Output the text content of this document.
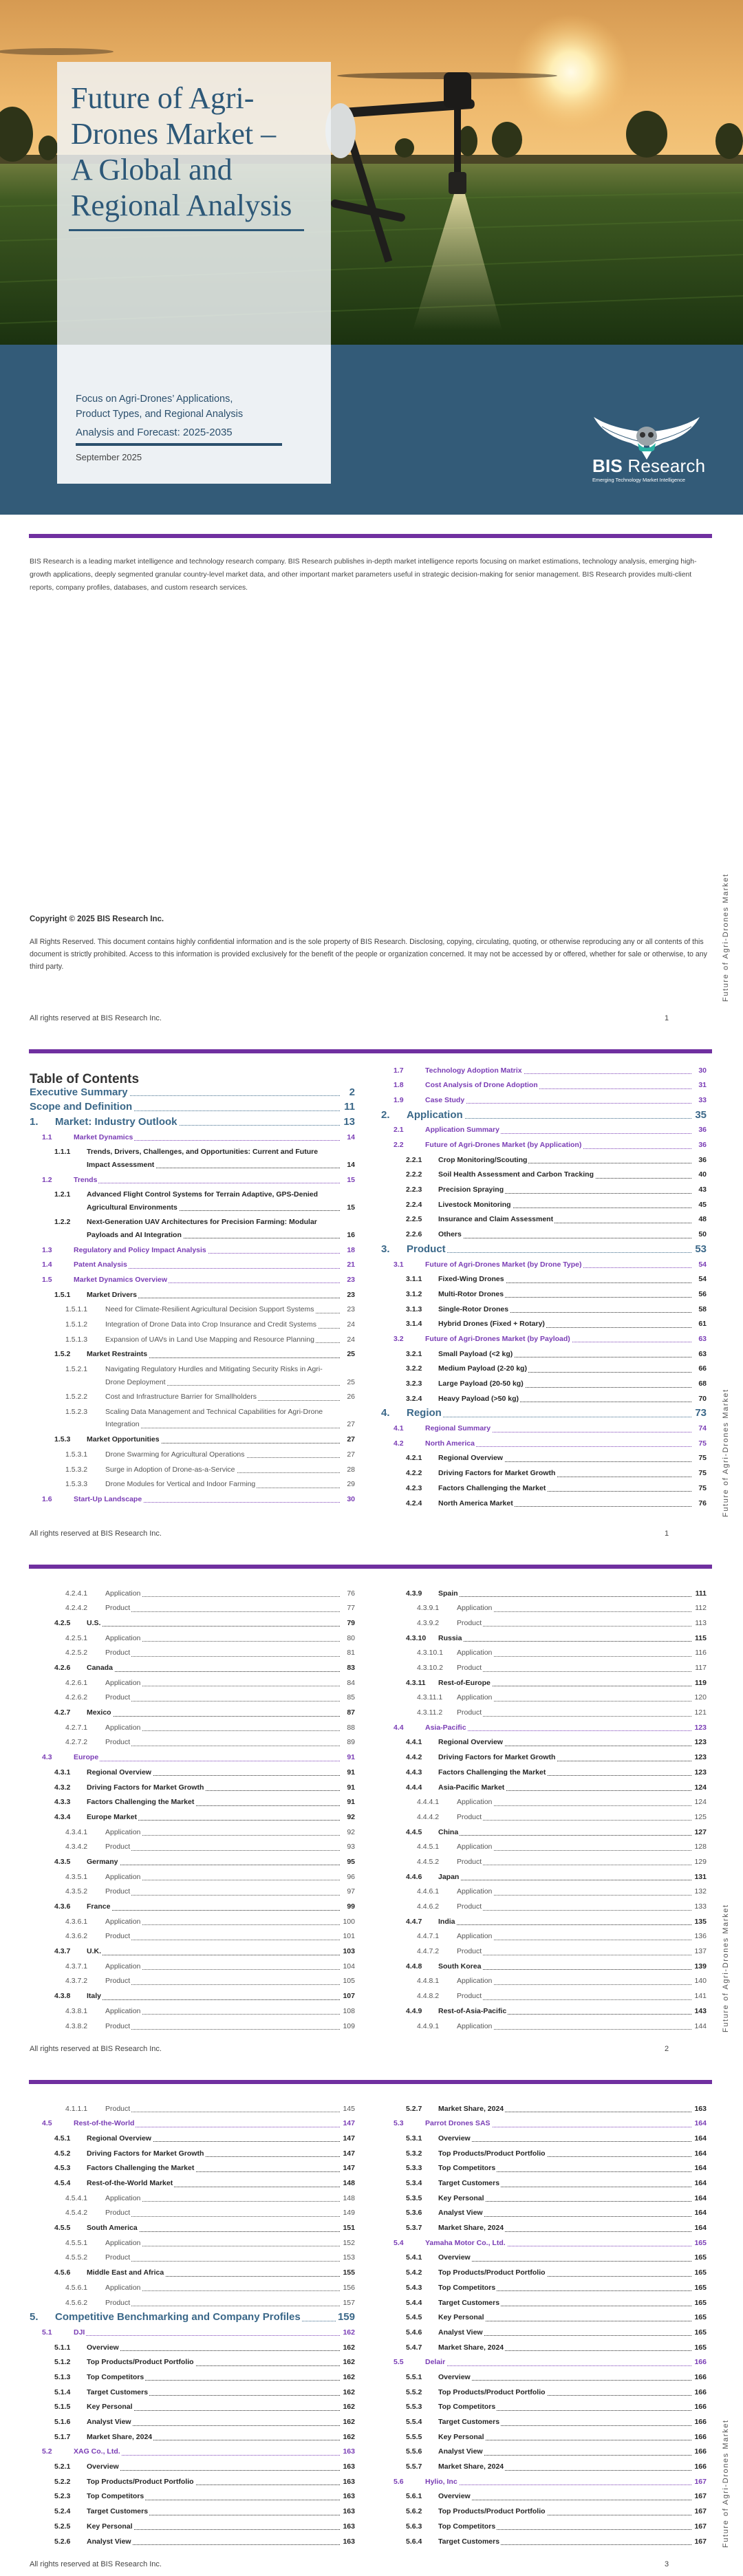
Future of Agri-
Drones Market –
A Global and
Regional Analysis
Focus on Agri-Drones’ Applications,
Product Types, and Regional Analysis
Analysis and Forecast: 2025-2035
September 2025	BIS Research
Emerging Technology Market Intelligence
BIS Research is a leading market intelligence and technology research company. BIS Research publishes in-depth market intelligence reports focusing on market estimations, technology analysis, emerging high-growth applications, deeply segmented granular country-level market data, and other important market parameters useful in strategic decision-making for senior management. BIS Research provides multi-client reports, company profiles, databases, and custom research services.
Copyright © 2025 BIS Research Inc.
All Rights Reserved. This document contains highly confidential information and is the sole property of BIS Research. Disclosing, copying, circulating, quoting, or otherwise reproducing any or all contents of this document is strictly prohibited. Access to this information is provided exclusively for the benefit of the people or organization concerned. It may not be accessed by or offered, whether for sale or otherwise, to any third party.	Future of Agri-Drones Market
All rights reserved at BIS Research Inc.	1
Table of Contents
Executive Summary	2
Scope and Definition	11
1. Market: Industry Outlook	13
1.1	Market Dynamics	14
1.1.1 Trends, Drivers, Challenges, and Opportunities: Current and Future
Impact Assessment	14
1.2	Trends	15
1.2.1 Advanced Flight Control Systems for Terrain Adaptive, GPS-Denied
Agricultural Environments	15
1.2.2 Next-Generation UAV Architectures for Precision Farming: Modular
Payloads and AI Integration	16
1.3	Regulatory and Policy Impact Analysis	18
1.4	Patent Analysis	21
1.5	Market Dynamics Overview	23
1.5.1 Market Drivers	23
1.5.1.1 Need for Climate-Resilient Agricultural Decision Support Systems	23
1.5.1.2 Integration of Drone Data into Crop Insurance and Credit Systems	24
1.5.1.3 Expansion of UAVs in Land Use Mapping and Resource Planning	24
1.5.2 Market Restraints	25
1.5.2.1 Navigating Regulatory Hurdles and Mitigating Security Risks in Agri-
Drone Deployment	25
1.5.2.2 Cost and Infrastructure Barrier for Smallholders	26
1.5.2.3 Scaling Data Management and Technical Capabilities for Agri-Drone
Integration	27
1.5.3 Market Opportunities	27
1.5.3.1 Drone Swarming for Agricultural Operations	27
1.5.3.2 Surge in Adoption of Drone-as-a-Service	28
1.5.3.3 Drone Modules for Vertical and Indoor Farming	29
1.6	Start-Up Landscape	30
1.7	Technology Adoption Matrix	30
1.8	Cost Analysis of Drone Adoption	31
1.9	Case Study	33
2. Application	35
2.1	Application Summary	36
2.2	Future of Agri-Drones Market (by Application)	36
2.2.1 Crop Monitoring/Scouting	36
2.2.2 Soil Health Assessment and Carbon Tracking	40
2.2.3 Precision Spraying	43
2.2.4 Livestock Monitoring	45
2.2.5 Insurance and Claim Assessment	48
2.2.6 Others	50
3. Product	53
3.1	Future of Agri-Drones Market (by Drone Type)	54
3.1.1 Fixed-Wing Drones	54
3.1.2 Multi-Rotor Drones	56
3.1.3 Single-Rotor Drones	58
3.1.4 Hybrid Drones (Fixed + Rotary)	61
3.2	Future of Agri-Drones Market (by Payload)	63
3.2.1 Small Payload (<2 kg)	63
3.2.2 Medium Payload (2-20 kg)	66
3.2.3 Large Payload (20-50 kg)	68
3.2.4 Heavy Payload (>50 kg)	70
4. Region	73
4.1	Regional Summary	74
4.2	North America	75
4.2.1 Regional Overview	75
4.2.2 Driving Factors for Market Growth	75
4.2.3 Factors Challenging the Market	75
4.2.4 North America Market	76 Future of Agri-Drones Market
All rights reserved at BIS Research Inc.	1
4.2.4.1 Application	76
4.2.4.2 Product	77
4.2.5 U.S.	79
4.2.5.1 Application	80
4.2.5.2 Product	81
4.2.6 Canada	83
4.2.6.1 Application	84
4.2.6.2 Product	85
4.2.7 Mexico	87
4.2.7.1 Application	88
4.2.7.2 Product	89
4.3	Europe	91
4.3.1 Regional Overview	91
4.3.2 Driving Factors for Market Growth	91
4.3.3 Factors Challenging the Market	91
4.3.4 Europe Market	92
4.3.4.1 Application	92
4.3.4.2 Product	93
4.3.5 Germany	95
4.3.5.1 Application	96
4.3.5.2 Product	97
4.3.6 France	99
4.3.6.1 Application	100
4.3.6.2 Product	101
4.3.7 U.K.	103
4.3.7.1 Application	104
4.3.7.2 Product	105
4.3.8 Italy	107
4.3.8.1 Application	108
4.3.8.2 Product	109
4.3.9 Spain	111
4.3.9.1 Application	112
4.3.9.2 Product	113
4.3.10 Russia	115
4.3.10.1 Application	116
4.3.10.2 Product	117
4.3.11 Rest-of-Europe	119
4.3.11.1 Application	120
4.3.11.2 Product	121
4.4	Asia-Pacific	123
4.4.1 Regional Overview	123
4.4.2 Driving Factors for Market Growth	123
4.4.3 Factors Challenging the Market	123
4.4.4 Asia-Pacific Market	124
4.4.4.1 Application	124
4.4.4.2 Product	125
4.4.5 China	127
4.4.5.1 Application	128
4.4.5.2 Product	129
4.4.6 Japan	131
4.4.6.1 Application	132
4.4.6.2 Product	133
4.4.7 India	135
4.4.7.1 Application	136
4.4.7.2 Product	137
4.4.8 South Korea	139
4.4.8.1 Application	140
4.4.8.2 Product	141
4.4.9 Rest-of-Asia-Pacific	143
4.4.9.1 Application	144 Future of Agri-Drones Market
All rights reserved at BIS Research Inc.	2
4.1.1.1 Product	145
4.5	Rest-of-the-World	147
4.5.1 Regional Overview	147
4.5.2 Driving Factors for Market Growth	147
4.5.3 Factors Challenging the Market	147
4.5.4 Rest-of-the-World Market	148
4.5.4.1 Application	148
4.5.4.2 Product	149
4.5.5 South America	151
4.5.5.1 Application	152
4.5.5.2 Product	153
4.5.6 Middle East and Africa	155
4.5.6.1 Application	156
4.5.6.2 Product	157
5. Competitive Benchmarking and Company Profiles	159
5.1	DJI	162
5.1.1 Overview	162
5.1.2 Top Products/Product Portfolio	162
5.1.3 Top Competitors	162
5.1.4 Target Customers	162
5.1.5 Key Personal	162
5.1.6 Analyst View	162
5.1.7 Market Share, 2024	162
5.2	XAG Co., Ltd.	163
5.2.1 Overview	163
5.2.2 Top Products/Product Portfolio	163
5.2.3 Top Competitors	163
5.2.4 Target Customers	163
5.2.5 Key Personal	163
5.2.6 Analyst View	163
5.2.7 Market Share, 2024	163
5.3	Parrot Drones SAS	164
5.3.1 Overview	164
5.3.2 Top Products/Product Portfolio	164
5.3.3 Top Competitors	164
5.3.4 Target Customers	164
5.3.5 Key Personal	164
5.3.6 Analyst View	164
5.3.7 Market Share, 2024	164
5.4	Yamaha Motor Co., Ltd.	165
5.4.1 Overview	165
5.4.2 Top Products/Product Portfolio	165
5.4.3 Top Competitors	165
5.4.4 Target Customers	165
5.4.5 Key Personal	165
5.4.6 Analyst View	165
5.4.7 Market Share, 2024	165
5.5	Delair	166
5.5.1 Overview	166
5.5.2 Top Products/Product Portfolio	166
5.5.3 Top Competitors	166
5.5.4 Target Customers	166
5.5.5 Key Personal	166
5.5.6 Analyst View	166
5.5.7 Market Share, 2024	166
5.6	Hylio, Inc	167
5.6.1 Overview	167
5.6.2 Top Products/Product Portfolio	167
5.6.3 Top Competitors	167
5.6.4 Target Customers	167 Future of Agri-Drones Market
All rights reserved at BIS Research Inc.	3
